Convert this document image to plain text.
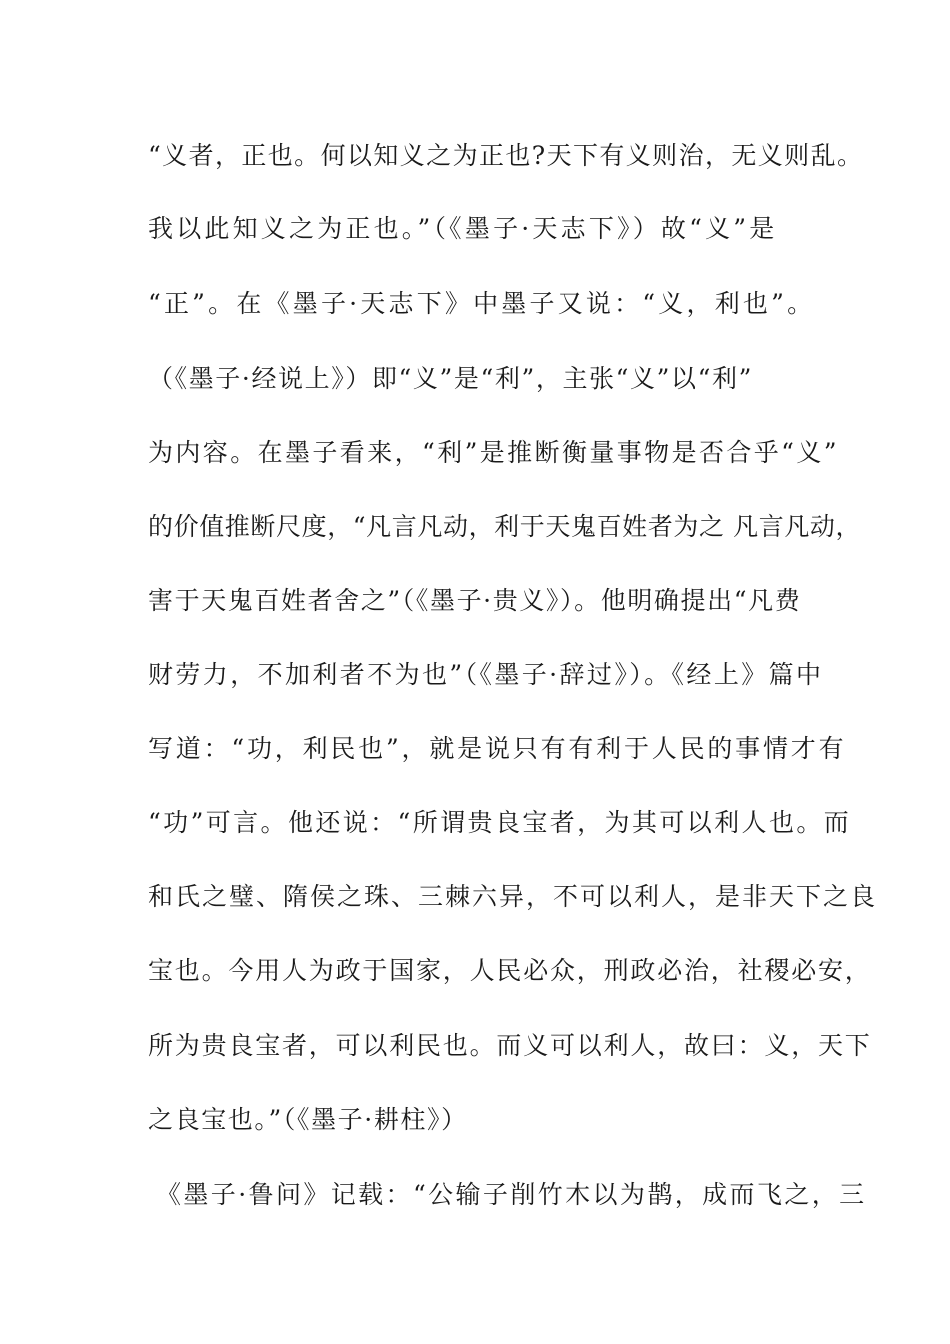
“义者，正也。何以知义之为正也?天下有义则治，无义则乱。
我以此知义之为正也。”（《墨子·天志下》）故“义”是
“正”。在《墨子·天志下》中墨子又说：“义，利也”。
（《墨子·经说上》）即“义”是“利”，主张“义”以“利”
为内容。在墨子看来，“利”是推断衡量事物是否合乎“义”
的价值推断尺度，“凡言凡动，利于天鬼百姓者为之 凡言凡动，
害于天鬼百姓者舍之”（《墨子·贵义》）。他明确提出“凡费
财劳力，不加利者不为也”（《墨子·辞过》）。《经上》篇中
写道：“功，利民也”，就是说只有有利于人民的事情才有
“功”可言。他还说：“所谓贵良宝者，为其可以利人也。而
和氏之璧、隋侯之珠、三棘六异，不可以利人，是非天下之良
宝也。今用人为政于国家，人民必众，刑政必治，社稷必安，
所为贵良宝者，可以利民也。而义可以利人，故曰：义，天下
之良宝也。”（《墨子·耕柱》）
《墨子·鲁问》记载：“公输子削竹木以为鹊，成而飞之，三
